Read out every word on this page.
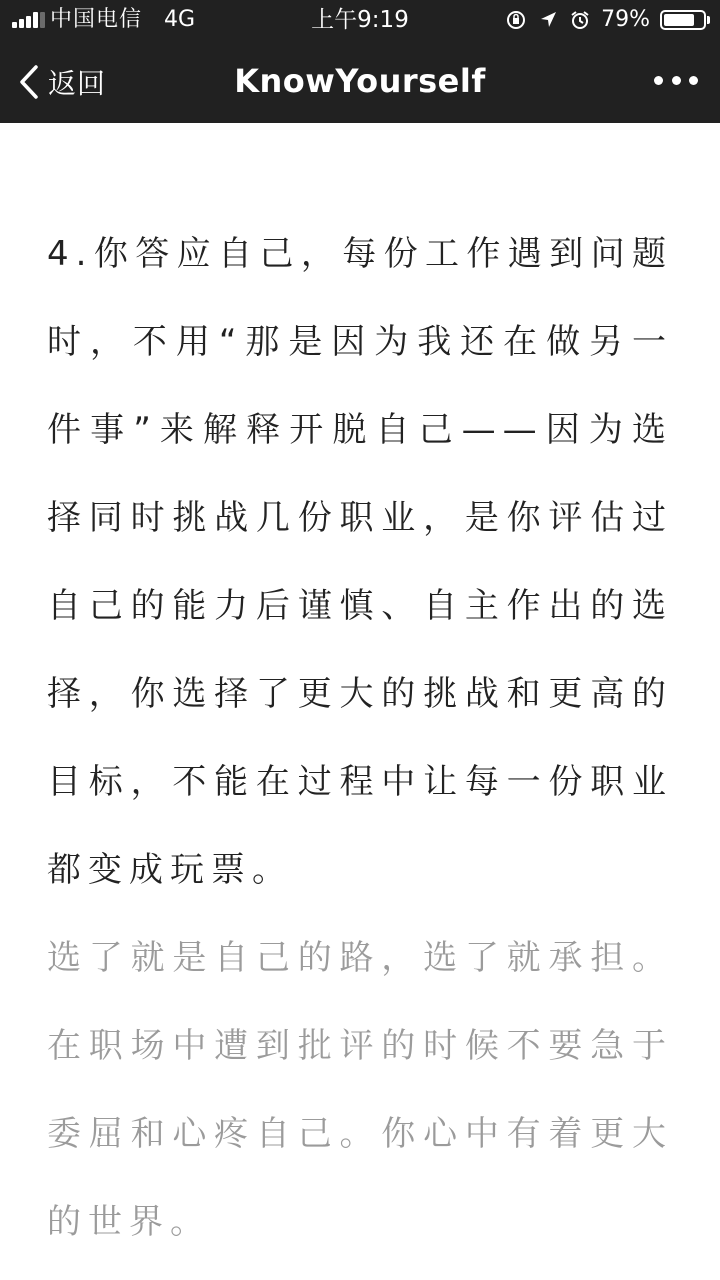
中国电信 4G	上午9:19	79%
返回	KnowYourself

4.你答应自己，每份工作遇到问题时，不用“那是因为我还在做另一件事”来解释开脱自己——因为选择同时挑战几份职业，是你评估过自己的能力后谨慎、自主作出的选择，你选择了更大的挑战和更高的目标，不能在过程中让每一份职业都变成玩票。

选了就是自己的路，选了就承担。在职场中遭到批评的时候不要急于委屈和心疼自己。你心中有着更大的世界。
